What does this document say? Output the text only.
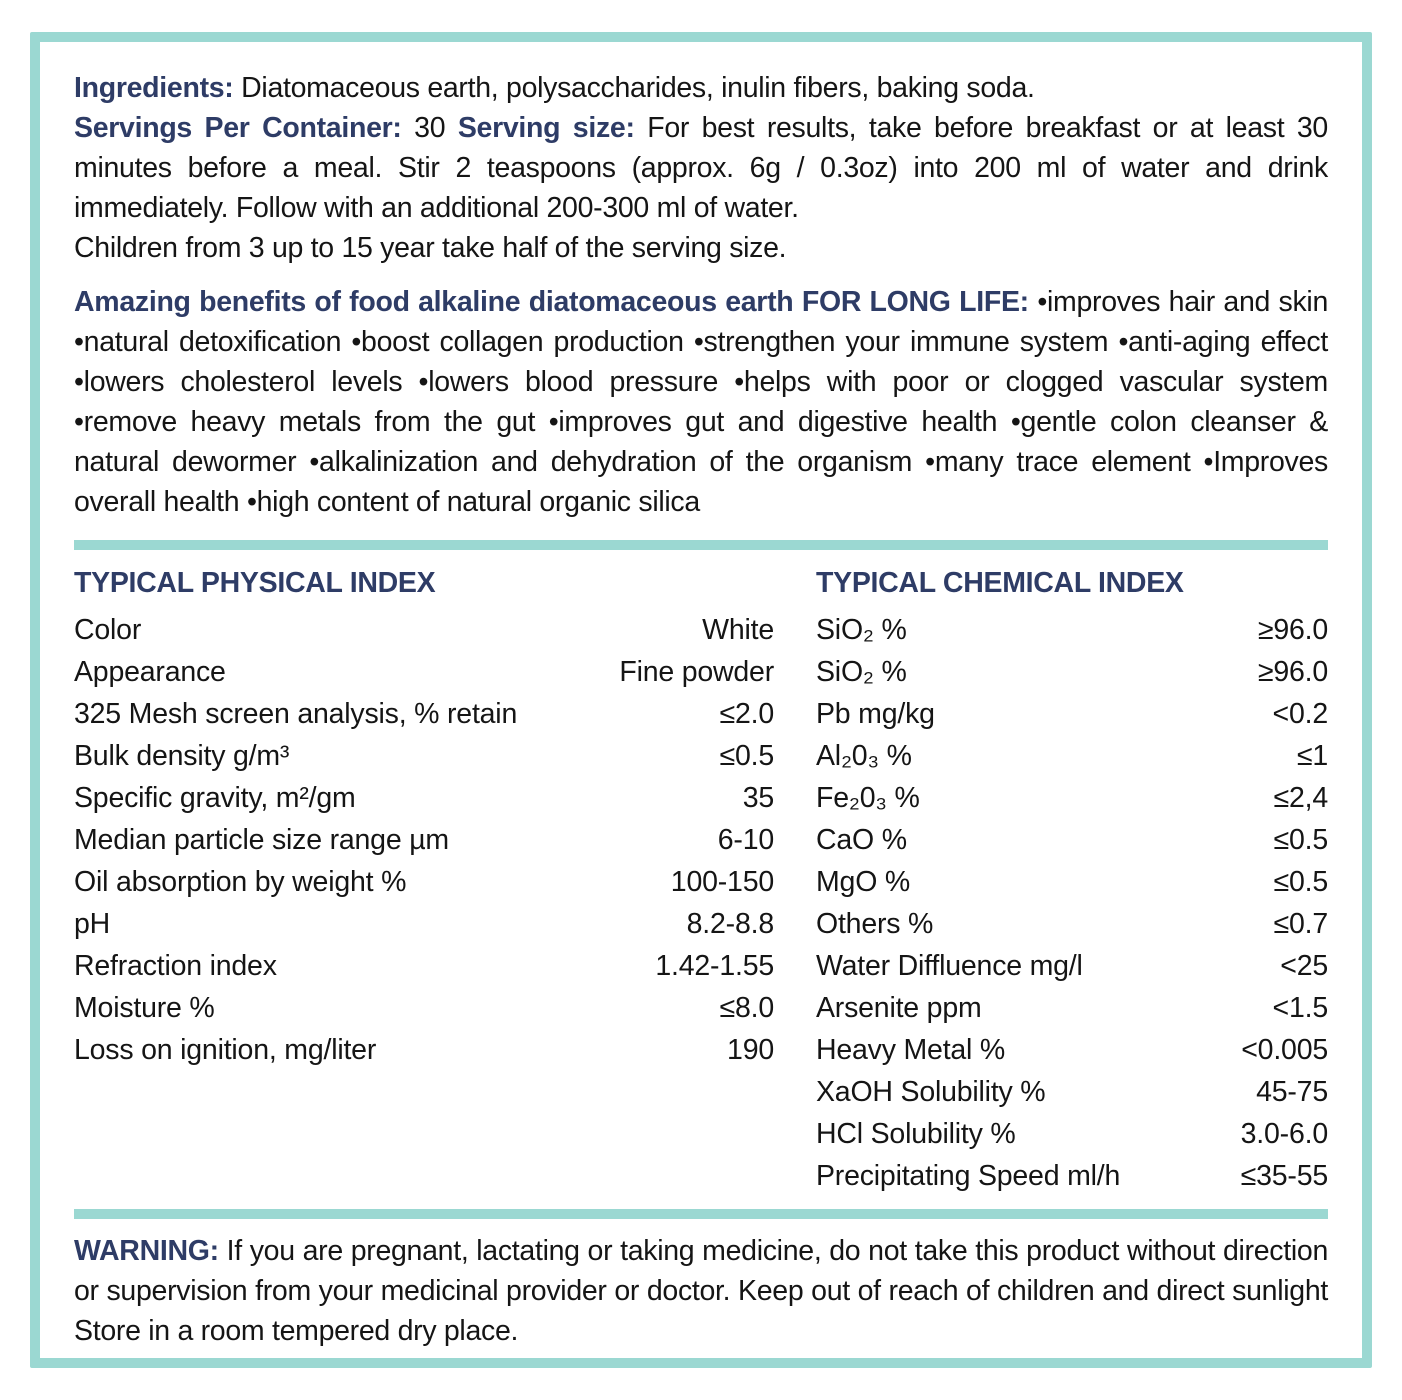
Ingredients: Diatomaceous earth, polysaccharides, inulin fibers, baking soda.

Servings Per Container: 30 Serving size: For best results, take before breakfast or at least 30 minutes before a meal. Stir 2 teaspoons (approx. 6g / 0.3oz) into 200 ml of water and drink immediately. Follow with an additional 200-300 ml of water.

Children from 3 up to 15 year take half of the serving size.

Amazing benefits of food alkaline diatomaceous earth FOR LONG LIFE: •improves hair and skin •natural detoxification •boost collagen production •strengthen your immune system •anti-aging effect •lowers cholesterol levels •lowers blood pressure •helps with poor or clogged vascular system •remove heavy metals from the gut •improves gut and digestive health •gentle colon cleanser & natural dewormer •alkalinization and dehydration of the organism •many trace element •Improves overall health •high content of natural organic silica

TYPICAL PHYSICAL INDEX
Color	White
Appearance	Fine powder
325 Mesh screen analysis, % retain	≤2.0
Bulk density g/m³	≤0.5
Specific gravity, m²/gm	35
Median particle size range µm	6-10
Oil absorption by weight %	100-150
pH	8.2-8.8
Refraction index	1.42-1.55
Moisture %	≤8.0
Loss on ignition, mg/liter	190
TYPICAL CHEMICAL INDEX
SiO₂ %	≥96.0
SiO₂ %	≥96.0
Pb mg/kg	<0.2
Al₂0₃ %	≤1
Fe₂0₃ %	≤2,4
CaO %	≤0.5
MgO %	≤0.5
Others %	≤0.7
Water Diffluence mg/l	<25
Arsenite ppm	<1.5
Heavy Metal %	<0.005
XaOH Solubility %	45-75
HCl Solubility %	3.0-6.0
Precipitating Speed ml/h	≤35-55

WARNING: If you are pregnant, lactating or taking medicine, do not take this product without direction or supervision from your medicinal provider or doctor. Keep out of reach of children and direct sunlight Store in a room tempered dry place.
